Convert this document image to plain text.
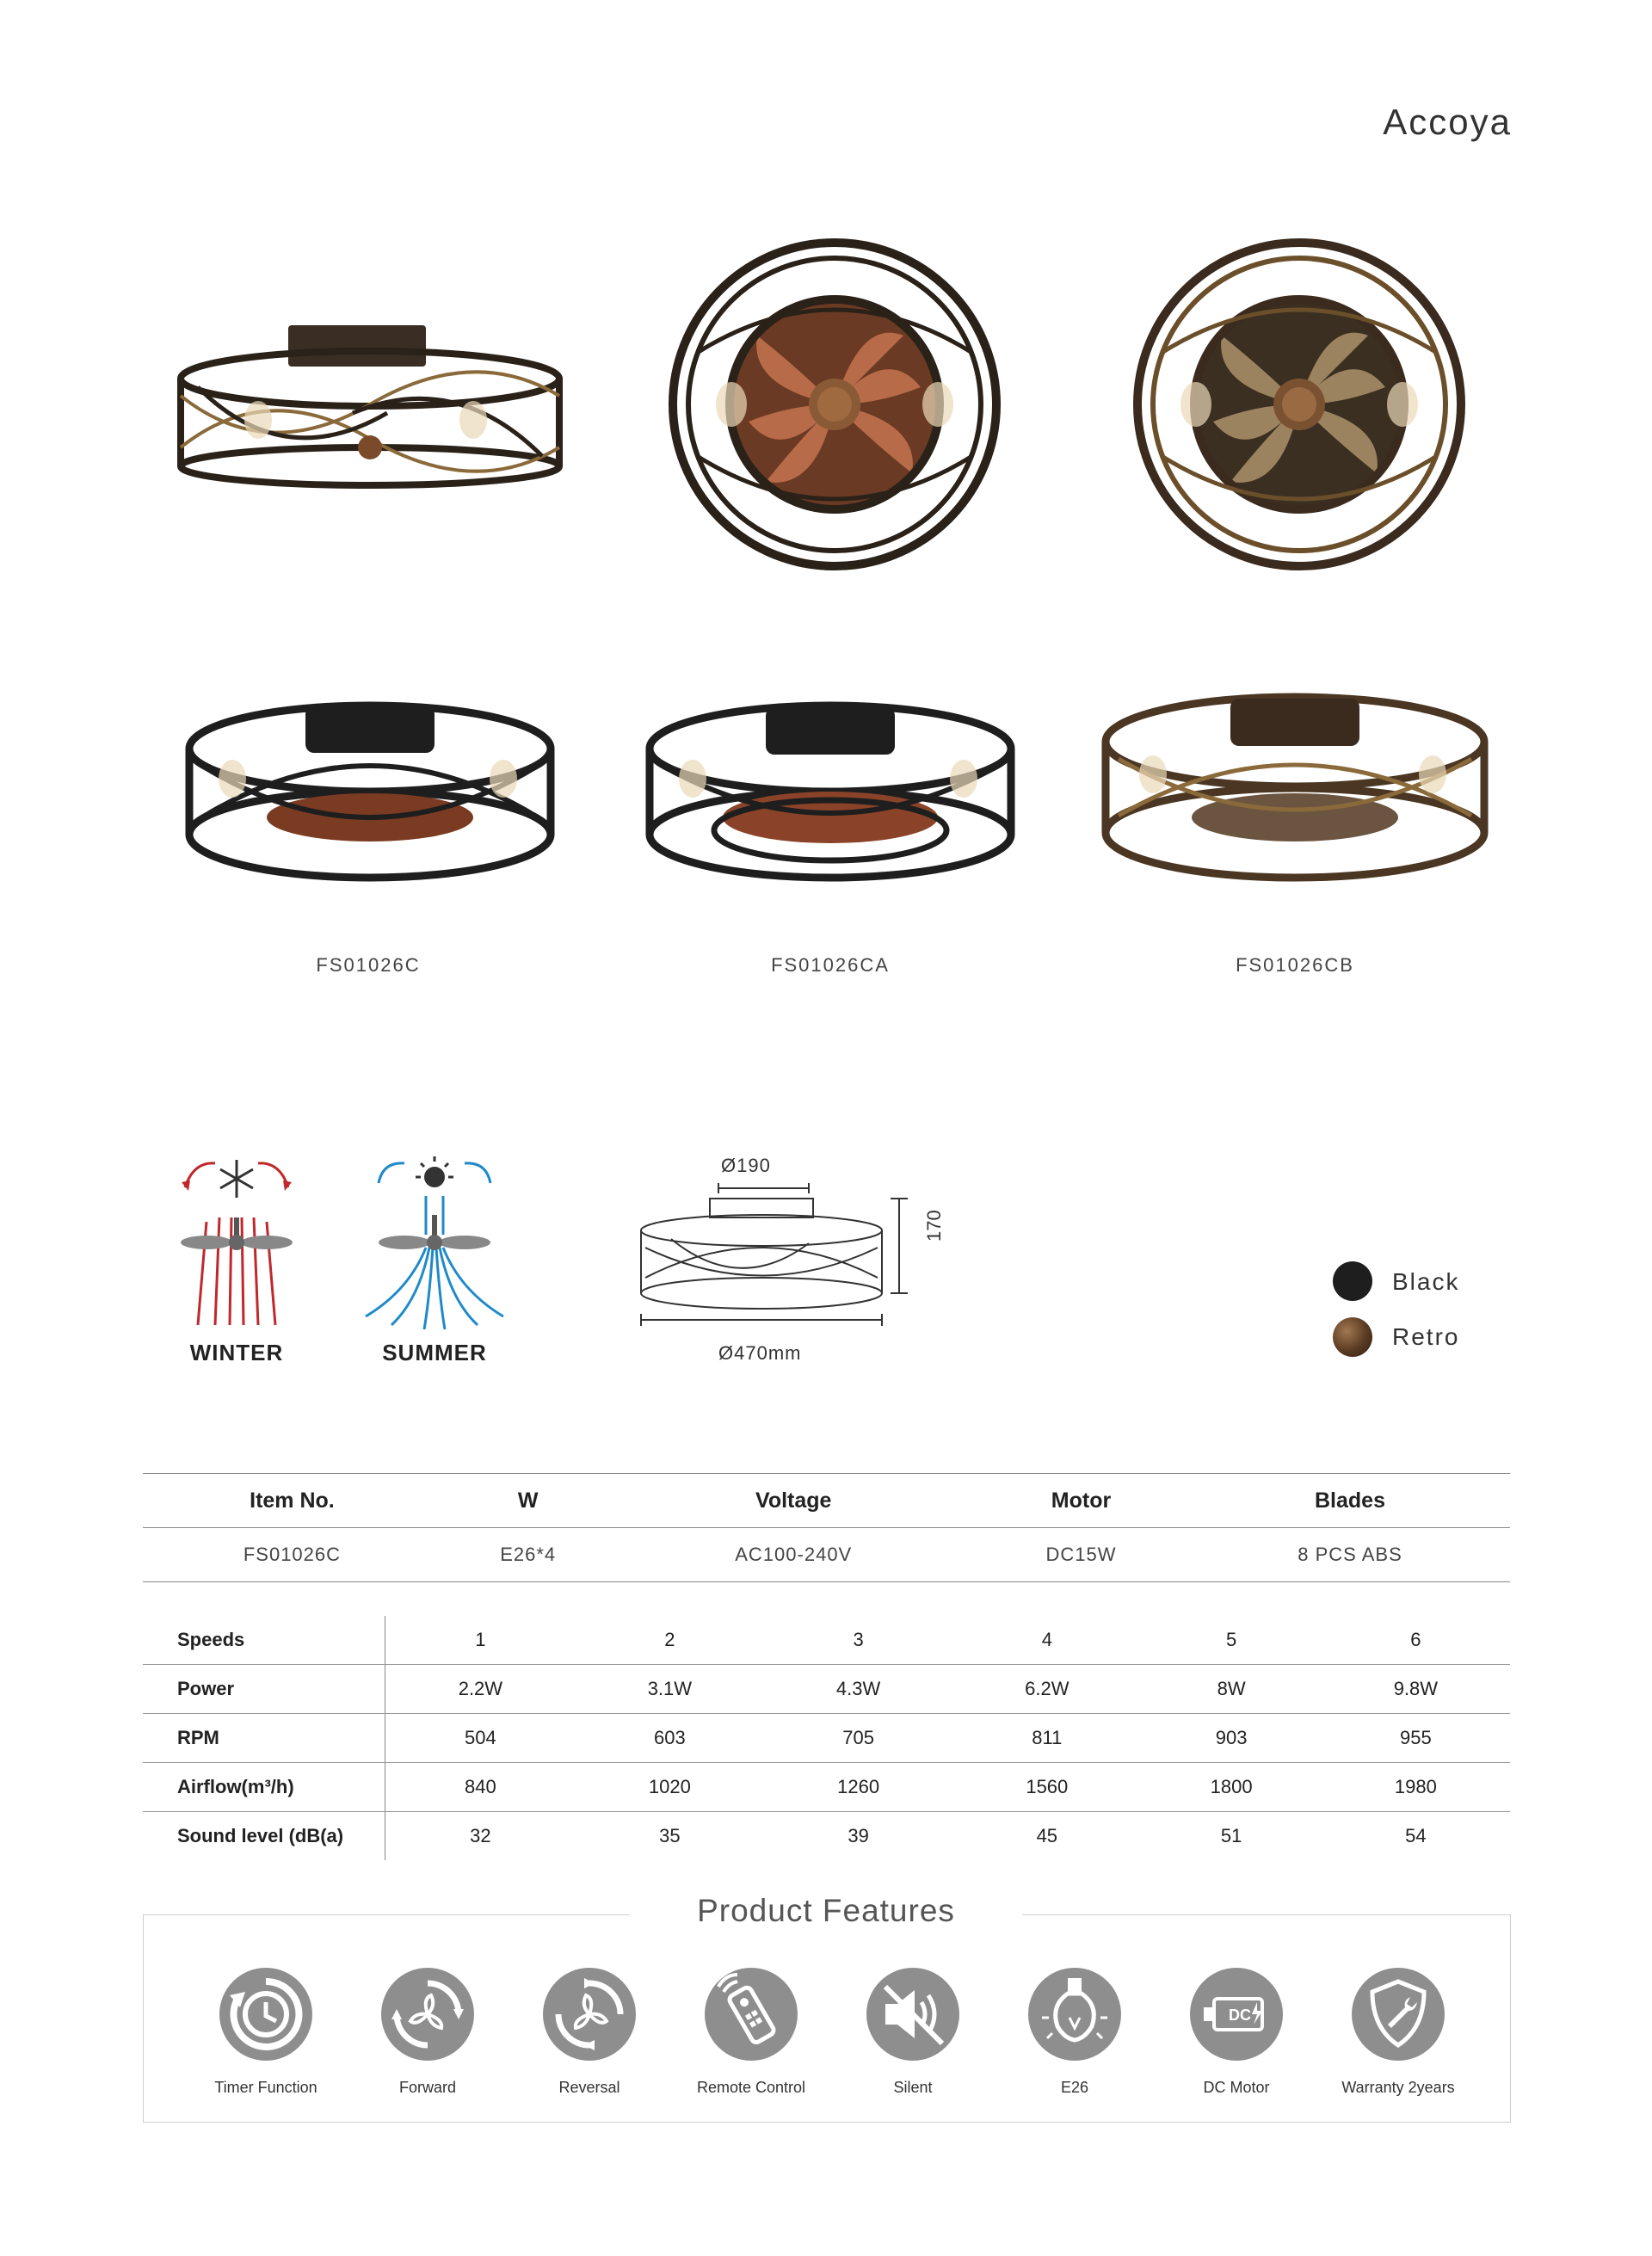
Accoya
FS01026C	FS01026CA	FS01026CB
WINTER	SUMMER
Ø190
170
Ø470mm
Black
Retro
Item No.	W	Voltage	Motor	Blades
FS01026C	E26*4	AC100-240V	DC15W	8 PCS ABS
Speeds	1	2	3	4	5	6
Power	2.2W	3.1W	4.3W	6.2W	8W	9.8W
RPM	504	603	705	811	903	955
Airflow(m³/h)	840	1020	1260	1560	1800	1980
Sound level (dB(a)	32	35	39	45	51	54
Product Features
Timer Function	Forward	Reversal	Remote Control	Silent	E26
DC
DC Motor	Warranty 2years
